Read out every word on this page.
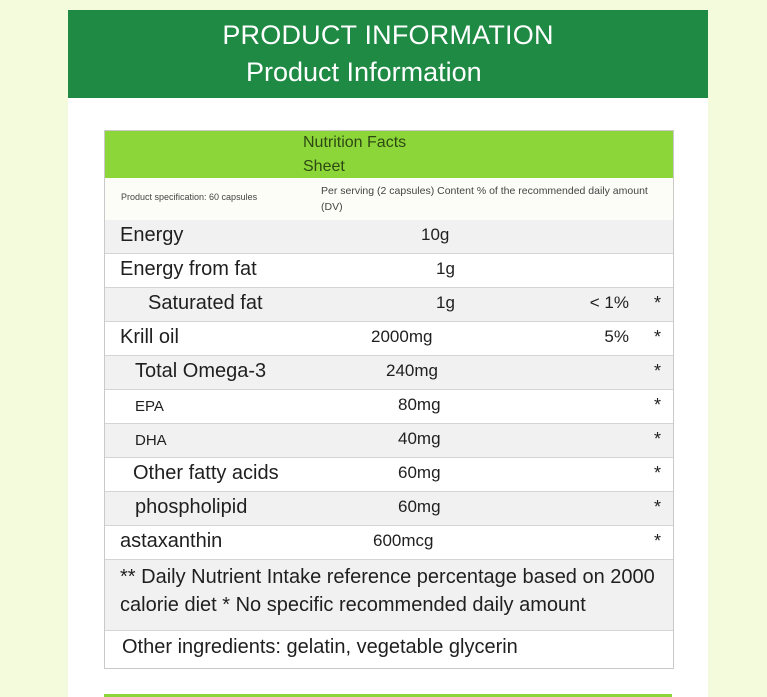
PRODUCT INFORMATION
Product Information
Nutrition Facts
Sheet
Product specification: 60 capsules	Per serving (2 capsules) Content % of the recommended daily amount (DV)
Energy	10g
Energy from fat	1g
Saturated fat	1g	< 1% *
Krill oil	2000mg	5% *
Total Omega-3	240mg	*
EPA	80mg	*
DHA	40mg	*
Other fatty acids	60mg	*
phospholipid	60mg	*
astaxanthin	600mcg	*
** Daily Nutrient Intake reference percentage based on 2000 calorie diet * No specific recommended daily amount
Other ingredients: gelatin, vegetable glycerin
